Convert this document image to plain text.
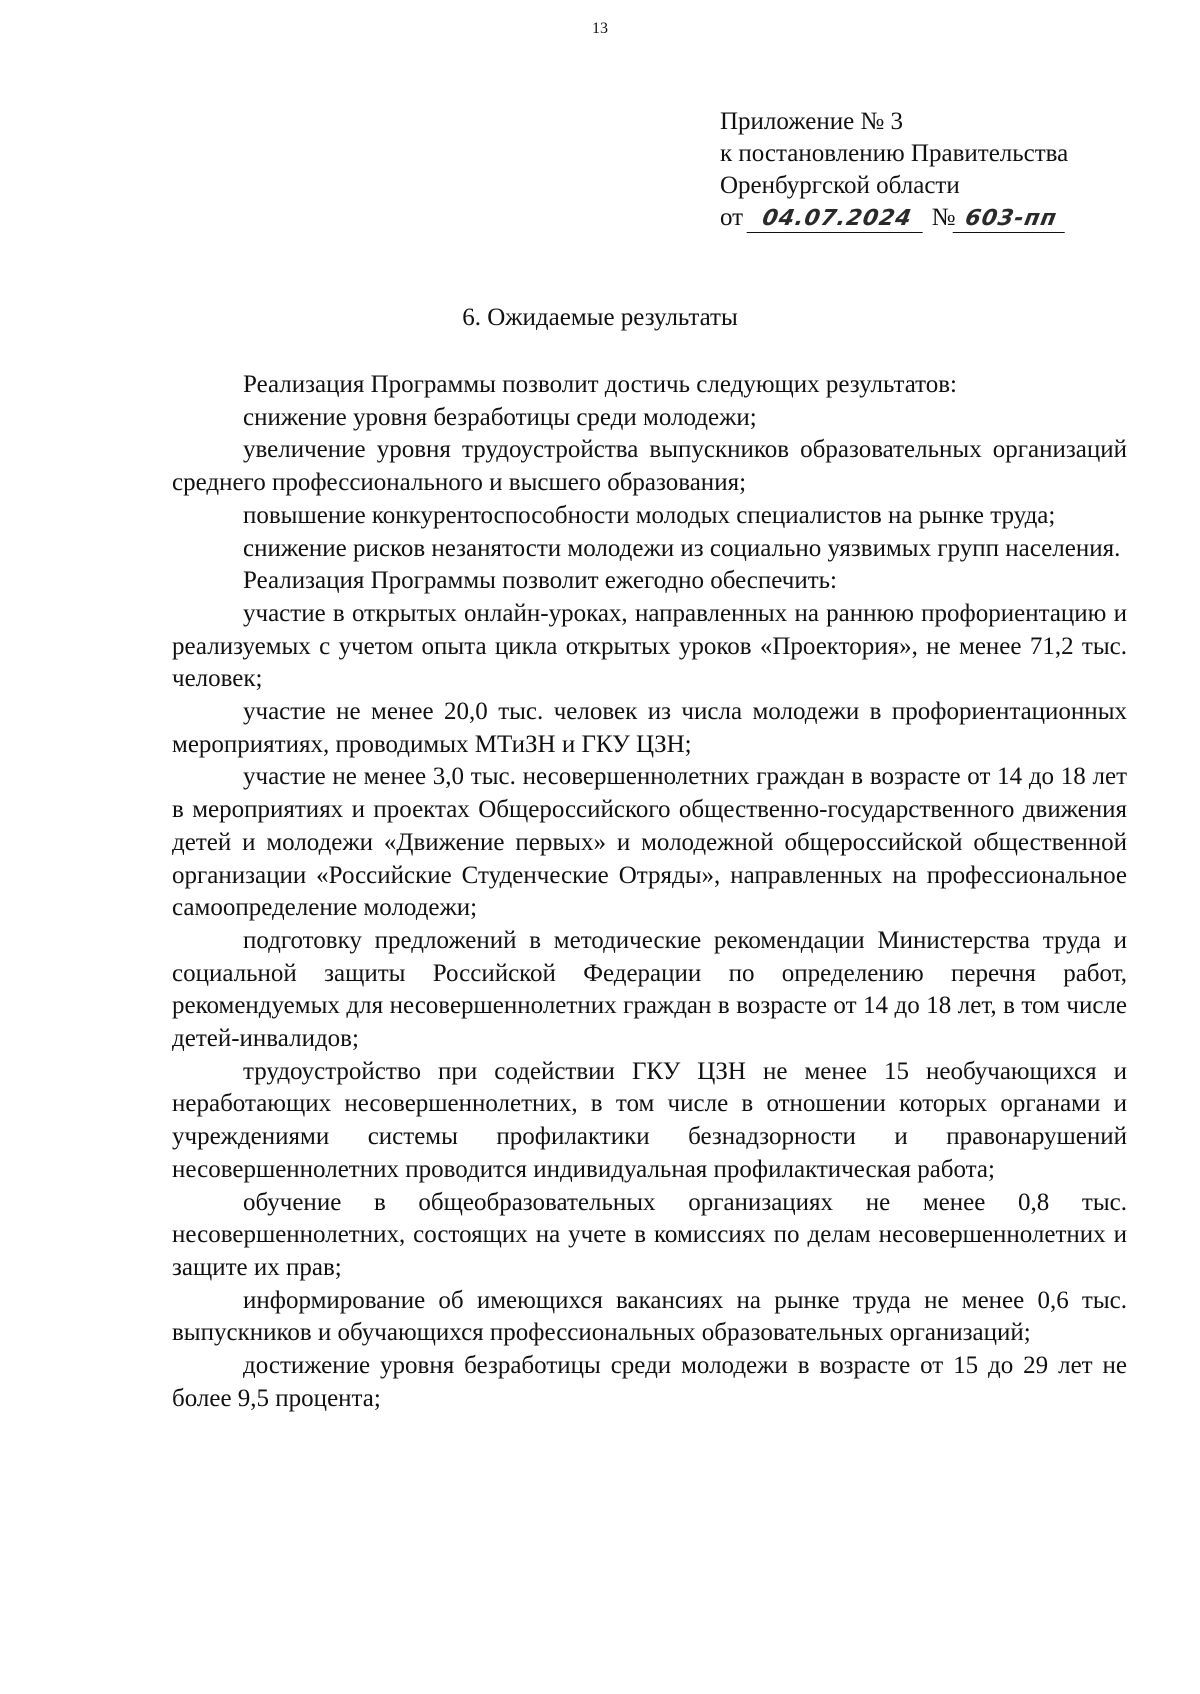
13
Приложение № 3
к постановлению Правительства
Оренбургской области
от 04.07.2024 № 603-пп
6. Ожидаемые результаты

Реализация Программы позволит достичь следующих результатов:

снижение уровня безработицы среди молодежи;

увеличение уровня трудоустройства выпускников образовательных организаций среднего профессионального и высшего образования;

повышение конкурентоспособности молодых специалистов на рынке труда;

снижение рисков незанятости молодежи из социально уязвимых групп населения.

Реализация Программы позволит ежегодно обеспечить:

участие в открытых онлайн-уроках, направленных на раннюю профориентацию и реализуемых с учетом опыта цикла открытых уроков «Проектория», не менее 71,2 тыс. человек;

участие не менее 20,0 тыс. человек из числа молодежи в профориентационных мероприятиях, проводимых МТиЗН и ГКУ ЦЗН;

участие не менее 3,0 тыс. несовершеннолетних граждан в возрасте от 14 до 18 лет в мероприятиях и проектах Общероссийского общественно-государственного движения детей и молодежи «Движение первых» и молодежной общероссийской общественной организации «Российские Студенческие Отряды», направленных на профессиональное самоопределение молодежи;

подготовку предложений в методические рекомендации Министерства труда и социальной защиты Российской Федерации по определению перечня работ, рекомендуемых для несовершеннолетних граждан в возрасте от 14 до 18 лет, в том числе детей-инвалидов;

трудоустройство при содействии ГКУ ЦЗН не менее 15 необучающихся и неработающих несовершеннолетних, в том числе в отношении которых органами и учреждениями системы профилактики безнадзорности и правонарушений несовершеннолетних проводится индивидуальная профилактическая работа;

обучение в общеобразовательных организациях не менее 0,8 тыс. несовершеннолетних, состоящих на учете в комиссиях по делам несовершеннолетних и защите их прав;

информирование об имеющихся вакансиях на рынке труда не менее 0,6 тыс. выпускников и обучающихся профессиональных образовательных организаций;

достижение уровня безработицы среди молодежи в возрасте от 15 до 29 лет не более 9,5 процента;
